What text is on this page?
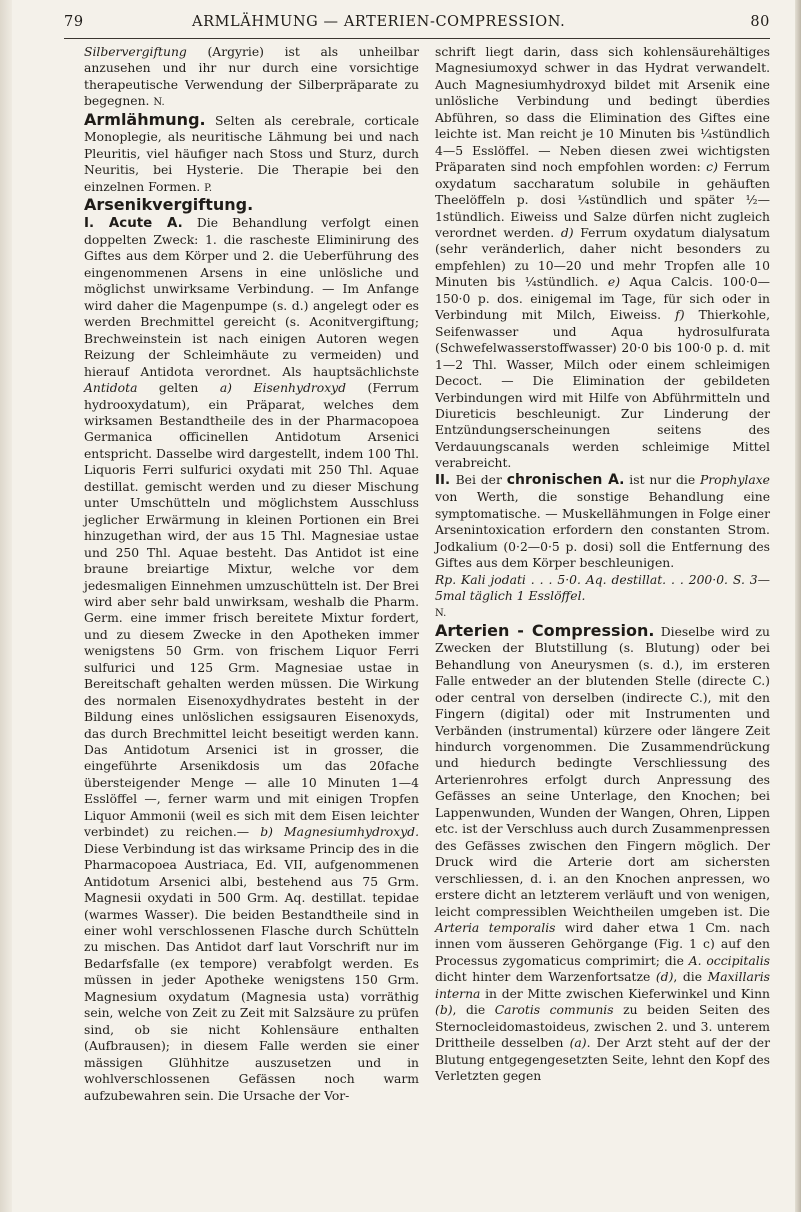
79	ARMLÄHMUNG — ARTERIEN-COMPRESSION.	80

Silbervergiftung (Argyrie) ist als unheilbar anzusehen und ihr nur durch eine vorsichtige therapeutische Verwendung der Silberpräparate zu begegnen. N.

Armlähmung. Selten als cerebrale, corticale Monoplegie, als neuritische Lähmung bei und nach Pleuritis, viel häufiger nach Stoss und Sturz, durch Neuritis, bei Hysterie. Die Therapie bei den einzelnen Formen. P.

Arsenikvergiftung.

I. Acute A. Die Behandlung verfolgt einen doppelten Zweck: 1. die rascheste Eliminirung des Giftes aus dem Körper und 2. die Ueberführung des eingenommenen Arsens in eine unlösliche und möglichst unwirksame Verbindung. — Im Anfange wird daher die Magenpumpe (s. d.) angelegt oder es werden Brechmittel gereicht (s. Aconitvergiftung; Brechweinstein ist nach einigen Autoren wegen Reizung der Schleimhäute zu vermeiden) und hierauf Antidota verordnet. Als hauptsächlichste Antidota gelten a) Eisenhydroxyd (Ferrum hydrooxydatum), ein Präparat, welches dem wirksamen Bestandtheile des in der Pharmacopoea Germanica officinellen Antidotum Arsenici entspricht. Dasselbe wird dargestellt, indem 100 Thl. Liquoris Ferri sulfurici oxydati mit 250 Thl. Aquae destillat. gemischt werden und zu dieser Mischung unter Umschütteln und möglichstem Ausschluss jeglicher Erwärmung in kleinen Portionen ein Brei hinzugethan wird, der aus 15 Thl. Magnesiae ustae und 250 Thl. Aquae besteht. Das Antidot ist eine braune breiartige Mixtur, welche vor dem jedesmaligen Einnehmen umzuschütteln ist. Der Brei wird aber sehr bald unwirksam, weshalb die Pharm. Germ. eine immer frisch bereitete Mixtur fordert, und zu diesem Zwecke in den Apotheken immer wenigstens 50 Grm. von frischem Liquor Ferri sulfurici und 125 Grm. Magnesiae ustae in Bereitschaft gehalten werden müssen. Die Wirkung des normalen Eisenoxydhydrates besteht in der Bildung eines unlöslichen essigsauren Eisenoxyds, das durch Brechmittel leicht beseitigt werden kann. Das Antidotum Arsenici ist in grosser, die eingeführte Arsenikdosis um das 20fache übersteigender Menge — alle 10 Minuten 1—4 Esslöffel —, ferner warm und mit einigen Tropfen Liquor Ammonii (weil es sich mit dem Eisen leichter verbindet) zu reichen.— b) Magnesiumhydroxyd. Diese Verbindung ist das wirksame Princip des in die Pharmacopoea Austriaca, Ed. VII, aufgenommenen Antidotum Arsenici albi, bestehend aus 75 Grm. Magnesii oxydati in 500 Grm. Aq. destillat. tepidae (warmes Wasser). Die beiden Bestandtheile sind in einer wohl verschlossenen Flasche durch Schütteln zu mischen. Das Antidot darf laut Vorschrift nur im Bedarfsfalle (ex tempore) verabfolgt werden. Es müssen in jeder Apotheke wenigstens 150 Grm. Magnesium oxydatum (Magnesia usta) vorräthig sein, welche von Zeit zu Zeit mit Salzsäure zu prüfen sind, ob sie nicht Kohlensäure enthalten (Aufbrausen); in diesem Falle werden sie einer mässigen Glühhitze auszusetzen und in wohlverschlossenen Gefässen noch warm aufzubewahren sein. Die Ursache der Vor-

schrift liegt darin, dass sich kohlensäurehältiges Magnesiumoxyd schwer in das Hydrat verwandelt. Auch Magnesiumhydroxyd bildet mit Arsenik eine unlösliche Verbindung und bedingt überdies Abführen, so dass die Elimination des Giftes eine leichte ist. Man reicht je 10 Minuten bis ¼stündlich 4—5 Esslöffel. — Neben diesen zwei wichtigsten Präparaten sind noch empfohlen worden: c) Ferrum oxydatum saccharatum solubile in gehäuften Theelöffeln p. dosi ¼stündlich und später ½—1stündlich. Eiweiss und Salze dürfen nicht zugleich verordnet werden. d) Ferrum oxydatum dialysatum (sehr veränderlich, daher nicht besonders zu empfehlen) zu 10—20 und mehr Tropfen alle 10 Minuten bis ¼stündlich. e) Aqua Calcis. 100·0—150·0 p. dos. einigemal im Tage, für sich oder in Verbindung mit Milch, Eiweiss. f) Thierkohle, Seifenwasser und Aqua hydrosulfurata (Schwefelwasserstoffwasser) 20·0 bis 100·0 p. d. mit 1—2 Thl. Wasser, Milch oder einem schleimigen Decoct. — Die Elimination der gebildeten Verbindungen wird mit Hilfe von Abführmitteln und Diureticis beschleunigt. Zur Linderung der Entzündungserscheinungen seitens des Verdauungscanals werden schleimige Mittel verabreicht.

II. Bei der chronischen A. ist nur die Prophylaxe von Werth, die sonstige Behandlung eine symptomatische. — Muskellähmungen in Folge einer Arsenintoxication erfordern den constanten Strom. Jodkalium (0·2—0·5 p. dosi) soll die Entfernung des Giftes aus dem Körper beschleunigen.

Rp. Kali jodati . . . 5·0. Aq. destillat. . . 200·0. S. 3—5mal täglich 1 Esslöffel.

N.

Arterien - Compression. Dieselbe wird zu Zwecken der Blutstillung (s. Blutung) oder bei Behandlung von Aneurysmen (s. d.), im ersteren Falle entweder an der blutenden Stelle (directe C.) oder central von derselben (indirecte C.), mit den Fingern (digital) oder mit Instrumenten und Verbänden (instrumental) kürzere oder längere Zeit hindurch vorgenommen. Die Zusammendrückung und hiedurch bedingte Verschliessung des Arterienrohres erfolgt durch Anpressung des Gefässes an seine Unterlage, den Knochen; bei Lappenwunden, Wunden der Wangen, Ohren, Lippen etc. ist der Verschluss auch durch Zusammenpressen des Gefässes zwischen den Fingern möglich. Der Druck wird die Arterie dort am sichersten verschliessen, d. i. an den Knochen anpressen, wo erstere dicht an letzterem verläuft und von wenigen, leicht compressiblen Weichtheilen umgeben ist. Die Arteria temporalis wird daher etwa 1 Cm. nach innen vom äusseren Gehörgange (Fig. 1 c) auf den Processus zygomaticus comprimirt; die A. occipitalis dicht hinter dem Warzenfortsatze (d), die Maxillaris interna in der Mitte zwischen Kieferwinkel und Kinn (b), die Carotis communis zu beiden Seiten des Sternocleidomastoideus, zwischen 2. und 3. unterem Drittheile desselben (a). Der Arzt steht auf der der Blutung entgegengesetzten Seite, lehnt den Kopf des Verletzten gegen
